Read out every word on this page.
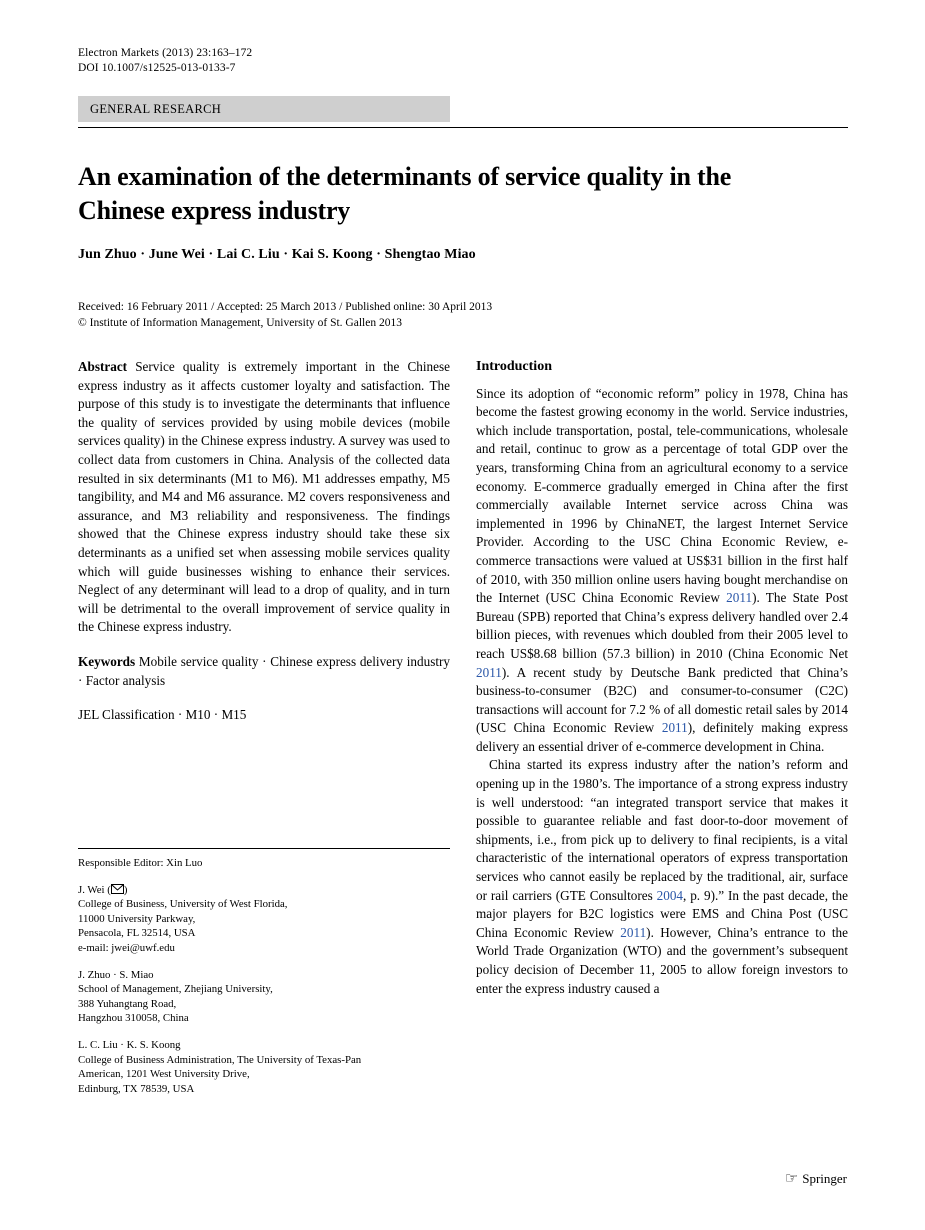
Electron Markets (2013) 23:163–172
DOI 10.1007/s12525-013-0133-7
GENERAL RESEARCH
An examination of the determinants of service quality in the Chinese express industry
Jun Zhuo · June Wei · Lai C. Liu · Kai S. Koong · Shengtao Miao
Received: 16 February 2011 / Accepted: 25 March 2013 / Published online: 30 April 2013
© Institute of Information Management, University of St. Gallen 2013

Abstract Service quality is extremely important in the Chinese express industry as it affects customer loyalty and satisfaction. The purpose of this study is to investigate the determinants that influence the quality of services provided by using mobile devices (mobile services quality) in the Chinese express industry. A survey was used to collect data from customers in China. Analysis of the collected data resulted in six determinants (M1 to M6). M1 addresses empathy, M5 tangibility, and M4 and M6 assurance. M2 covers responsiveness and assurance, and M3 reliability and responsiveness. The findings showed that the Chinese express industry should take these six determinants as a unified set when assessing mobile services quality which will guide businesses wishing to enhance their services. Neglect of any determinant will lead to a drop of quality, and in turn will be detrimental to the overall improvement of service quality in the Chinese express industry.

Keywords Mobile service quality · Chinese express delivery industry · Factor analysis

JEL Classification · M10 · M15

Responsible Editor: Xin Luo
J. Wei ( )
College of Business, University of West Florida,
11000 University Parkway,
Pensacola, FL 32514, USA
e-mail: jwei@uwf.edu
J. Zhuo · S. Miao
School of Management, Zhejiang University,
388 Yuhangtang Road,
Hangzhou 310058, China
L. C. Liu · K. S. Koong
College of Business Administration, The University of Texas-Pan
American, 1201 West University Drive,
Edinburg, TX 78539, USA
Introduction

Since its adoption of “economic reform” policy in 1978, China has become the fastest growing economy in the world. Service industries, which include transportation, postal, tele-communications, wholesale and retail, continuc to grow as a percentage of total GDP over the years, transforming China from an agricultural economy to a service economy. E-commerce gradually emerged in China after the first commercially available Internet service across China was implemented in 1996 by ChinaNET, the largest Internet Service Provider. According to the USC China Economic Review, e-commerce transactions were valued at US$31 billion in the first half of 2010, with 350 million online users having bought merchandise on the Internet (USC China Economic Review 2011). The State Post Bureau (SPB) reported that China’s express delivery handled over 2.4 billion pieces, with revenues which doubled from their 2005 level to reach US$8.68 billion (57.3 billion) in 2010 (China Economic Net 2011). A recent study by Deutsche Bank predicted that China’s business-to-consumer (B2C) and consumer-to-consumer (C2C) transactions will account for 7.2 % of all domestic retail sales by 2014 (USC China Economic Review 2011), definitely making express delivery an essential driver of e-commerce development in China.

China started its express industry after the nation’s reform and opening up in the 1980’s. The importance of a strong express industry is well understood: “an integrated transport service that makes it possible to guarantee reliable and fast door-to-door movement of shipments, i.e., from pick up to delivery to final recipients, is a vital characteristic of the international operators of express transportation services who cannot easily be replaced by the traditional, air, surface or rail carriers (GTE Consultores 2004, p. 9).” In the past decade, the major players for B2C logistics were EMS and China Post (USC China Economic Review 2011). However, China’s entrance to the World Trade Organization (WTO) and the government’s subsequent policy decision of December 11, 2005 to allow foreign investors to enter the express industry caused a

☞ Springer
